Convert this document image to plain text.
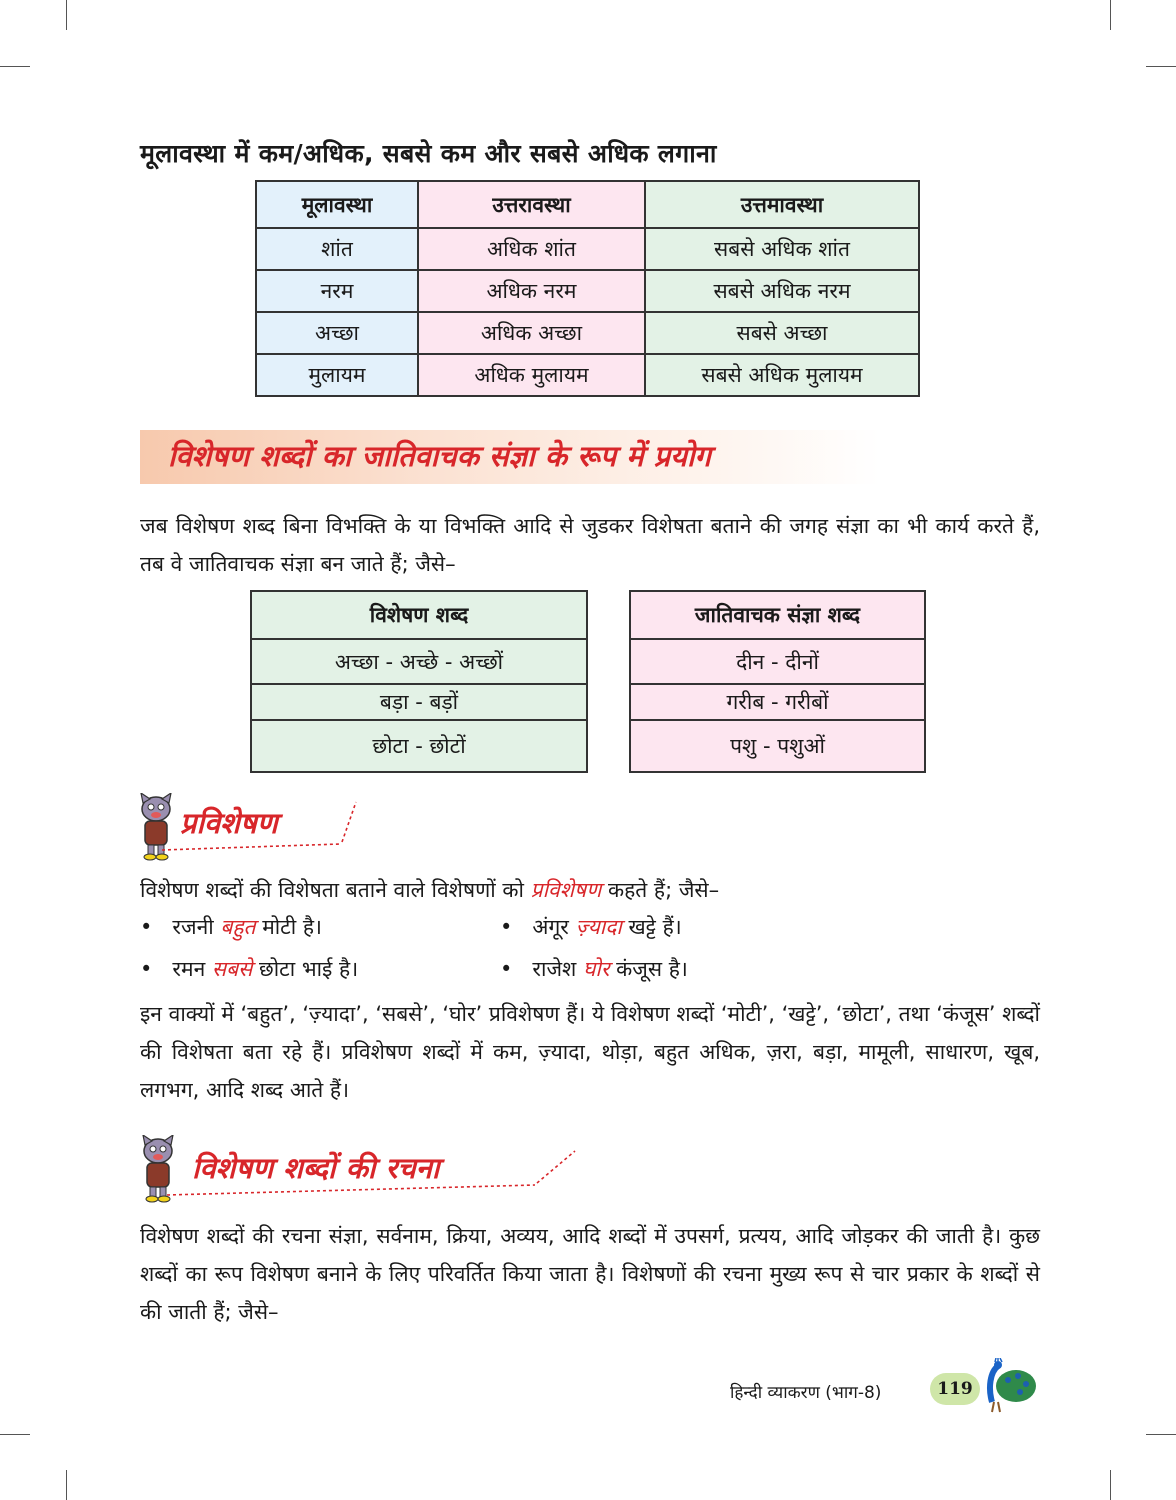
मूलावस्था में कम/अधिक, सबसे कम और सबसे अधिक लगाना
मूलावस्था	उत्तरावस्था	उत्तमावस्था
शांत	अधिक शांत	सबसे अधिक शांत
नरम	अधिक नरम	सबसे अधिक नरम
अच्छा	अधिक अच्छा	सबसे अच्छा
मुलायम	अधिक मुलायम	सबसे अधिक मुलायम
विशेषण शब्दों का जातिवाचक संज्ञा के रूप में प्रयोग
जब विशेषण शब्द बिना विभक्ति के या विभक्ति आदि से जुडकर विशेषता बताने की जगह संज्ञा का भी कार्य करते हैं, तब वे जातिवाचक संज्ञा बन जाते हैं; जैसे–
विशेषण शब्द
अच्छा - अच्छे - अच्छों
बड़ा - बड़ों
छोटा - छोटों
जातिवाचक संज्ञा शब्द
दीन - दीनों
गरीब - गरीबों
पशु - पशुओं
प्रविशेषण
विशेषण शब्दों की विशेषता बताने वाले विशेषणों को प्रविशेषण कहते हैं; जैसे–
•   रजनी बहुत मोटी है।	•   अंगूर ज़्यादा खट्टे हैं।
•   रमन सबसे छोटा भाई है।	•   राजेश घोर कंजूस है।
इन वाक्यों में ‘बहुत’, ‘ज़्यादा’, ‘सबसे’, ‘घोर’ प्रविशेषण हैं। ये विशेषण शब्दों ‘मोटी’, ‘खट्टे’, ‘छोटा’, तथा ‘कंजूस’ शब्दों की विशेषता बता रहे हैं। प्रविशेषण शब्दों में कम, ज़्यादा, थोड़ा, बहुत अधिक, ज़रा, बड़ा, मामूली, साधारण, खूब, लगभग, आदि शब्द आते हैं।
विशेषण शब्दों की रचना
विशेषण शब्दों की रचना संज्ञा, सर्वनाम, क्रिया, अव्यय, आदि शब्दों में उपसर्ग, प्रत्यय, आदि जोड़कर की जाती है। कुछ शब्दों का रूप विशेषण बनाने के लिए परिवर्तित किया जाता है। विशेषणों की रचना मुख्य रूप से चार प्रकार के शब्दों से की जाती हैं; जैसे–
हिन्दी व्याकरण (भाग-8)	119
